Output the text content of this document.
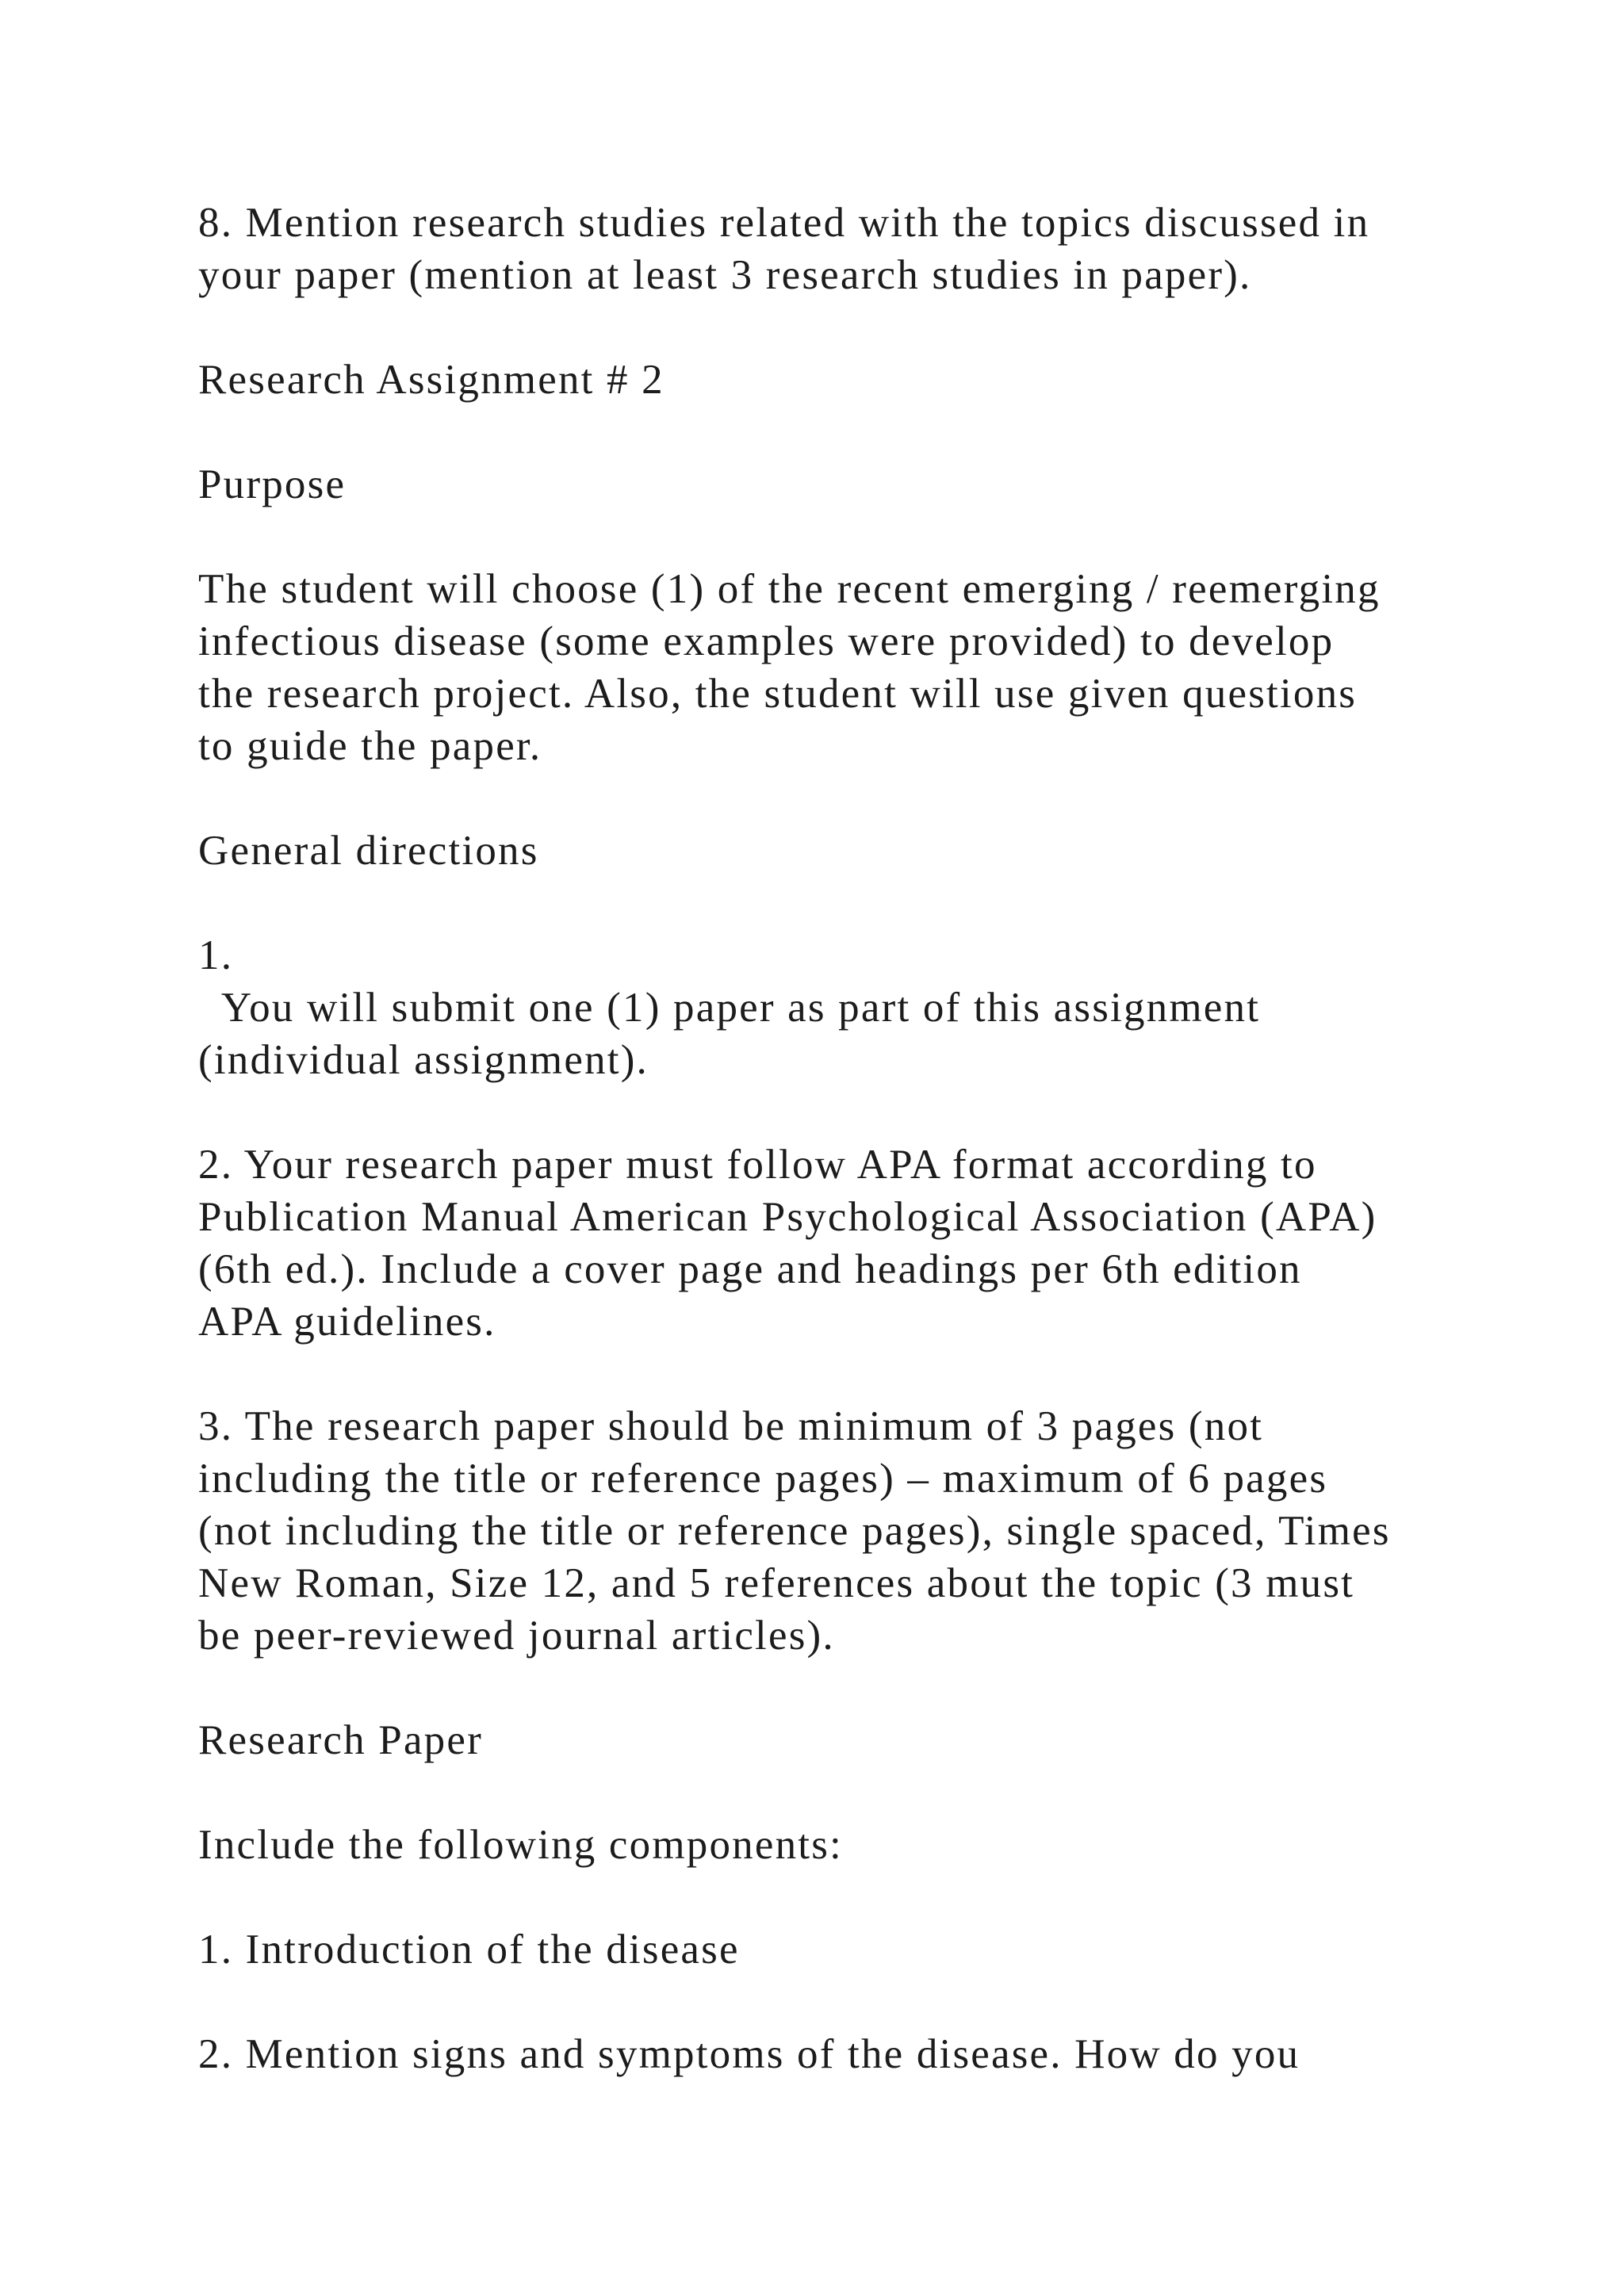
8. Mention research studies related with the topics discussed in
your paper (mention at least 3 research studies in paper).
Research Assignment # 2
Purpose
The student will choose (1) of the recent emerging / reemerging
infectious disease (some examples were provided) to develop
the research project. Also, the student will use given questions
to guide the paper.
General directions
1.
You will submit one (1) paper as part of this assignment
(individual assignment).
2. Your research paper must follow APA format according to
Publication Manual American Psychological Association (APA)
(6th ed.). Include a cover page and headings per 6th edition
APA guidelines.
3. The research paper should be minimum of 3 pages (not
including the title or reference pages) – maximum of 6 pages
(not including the title or reference pages), single spaced, Times
New Roman, Size 12, and 5 references about the topic (3 must
be peer-reviewed journal articles).
Research Paper
Include the following components:
1. Introduction of the disease
2. Mention signs and symptoms of the disease. How do you
